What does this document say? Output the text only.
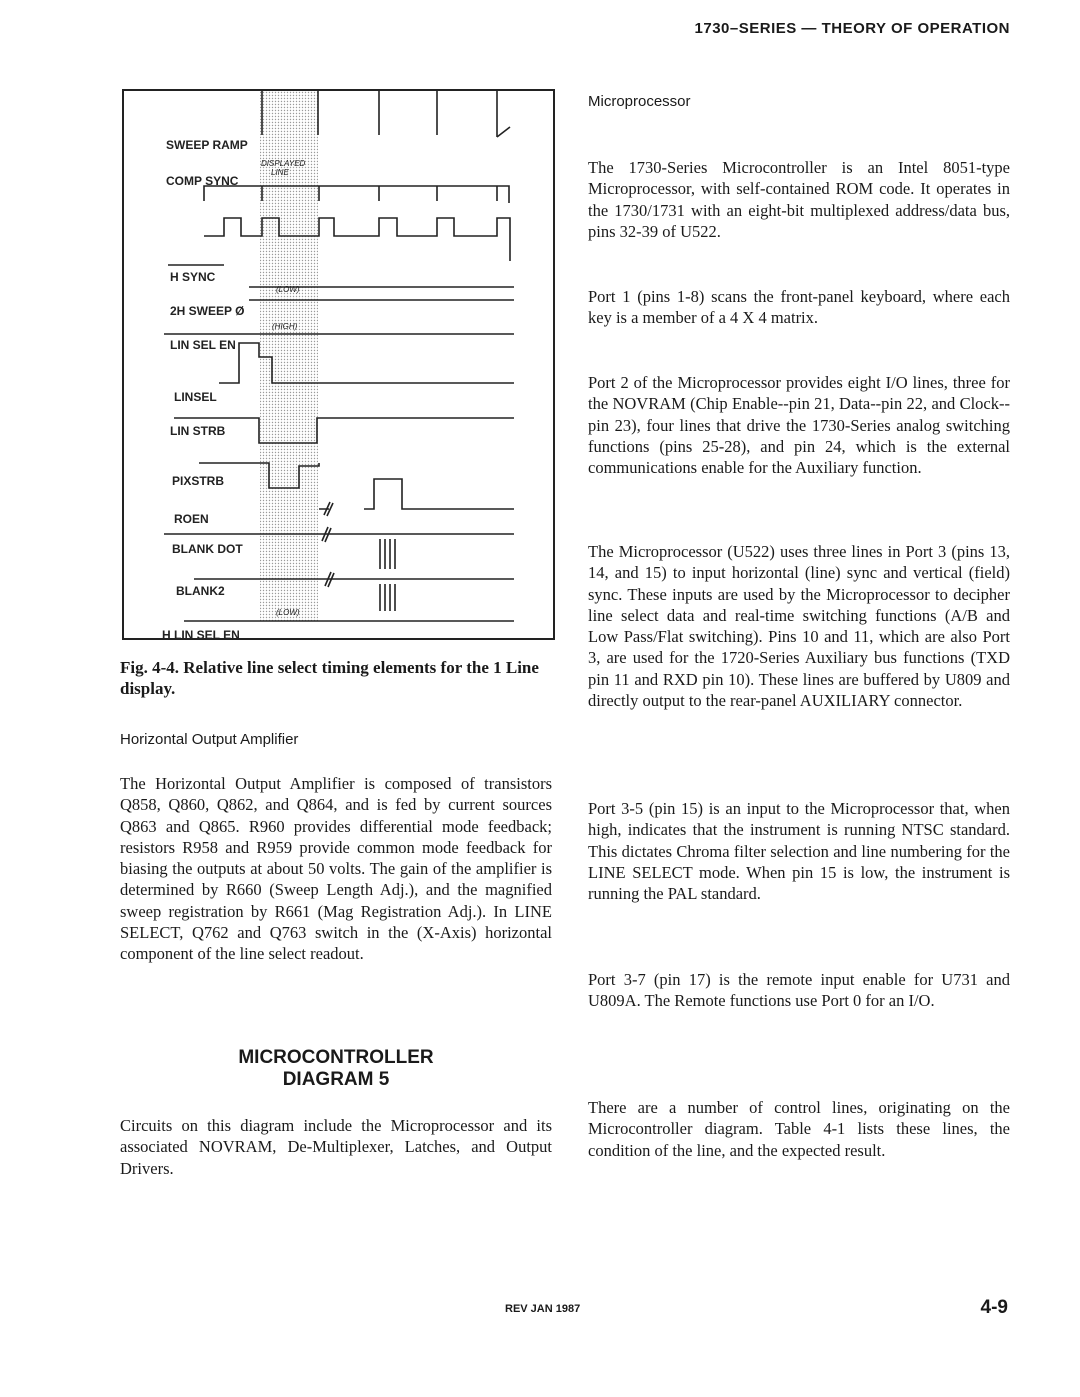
1730–SERIES — THEORY OF OPERATION
SWEEP RAMP
DISPLAYED
LINE
COMP SYNC
H SYNC
(LOW)
2H SWEEP Ø
(HIGH)
LIN SEL EN
LINSEL
LIN STRB
PIXSTRB
ROEN
BLANK DOT
BLANK2
(LOW)
H LIN SEL EN
Fig. 4-4. Relative line select timing elements for the 1 Line display.
Horizontal Output Amplifier

The Horizontal Output Amplifier is composed of transistors Q858, Q860, Q862, and Q864, and is fed by current sources Q863 and Q865. R960 provides differential mode feedback; resistors R958 and R959 provide common mode feedback for biasing the outputs at about 50 volts. The gain of the amplifier is determined by R660 (Sweep Length Adj.), and the magnified sweep registration by R661 (Mag Registration Adj.). In LINE SELECT, Q762 and Q763 switch in the (X-Axis) horizontal component of the line select readout.

MICROCONTROLLER
DIAGRAM 5

Circuits on this diagram include the Microprocessor and its associated NOVRAM, De-Multiplexer, Latches, and Output Drivers.

Microprocessor

The 1730-Series Microcontroller is an Intel 8051-type Microprocessor, with self-contained ROM code. It operates in the 1730/1731 with an eight-bit multiplexed address/data bus, pins 32-39 of U522.

Port 1 (pins 1-8) scans the front-panel keyboard, where each key is a member of a 4 X 4 matrix.

Port 2 of the Microprocessor provides eight I/O lines, three for the NOVRAM (Chip Enable--pin 21, Data--pin 22, and Clock--pin 23), four lines that drive the 1730-Series analog switching functions (pins 25-28), and pin 24, which is the external communications enable for the Auxiliary function.

The Microprocessor (U522) uses three lines in Port 3 (pins 13, 14, and 15) to input horizontal (line) sync and vertical (field) sync. These inputs are used by the Microprocessor to decipher line select data and real-time switching functions (A/B and Low Pass/Flat switching). Pins 10 and 11, which are also Port 3, are used for the 1720-Series Auxiliary bus functions (TXD pin 11 and RXD pin 10). These lines are buffered by U809 and directly output to the rear-panel AUXILIARY connector.

Port 3-5 (pin 15) is an input to the Microprocessor that, when high, indicates that the instrument is running NTSC standard. This dictates Chroma filter selection and line numbering for the LINE SELECT mode. When pin 15 is low, the instrument is running the PAL standard.

Port 3-7 (pin 17) is the remote input enable for U731 and U809A. The Remote functions use Port 0 for an I/O.

There are a number of control lines, originating on the Microcontroller diagram. Table 4-1 lists these lines, the condition of the line, and the expected result.

REV JAN 1987	4-9
